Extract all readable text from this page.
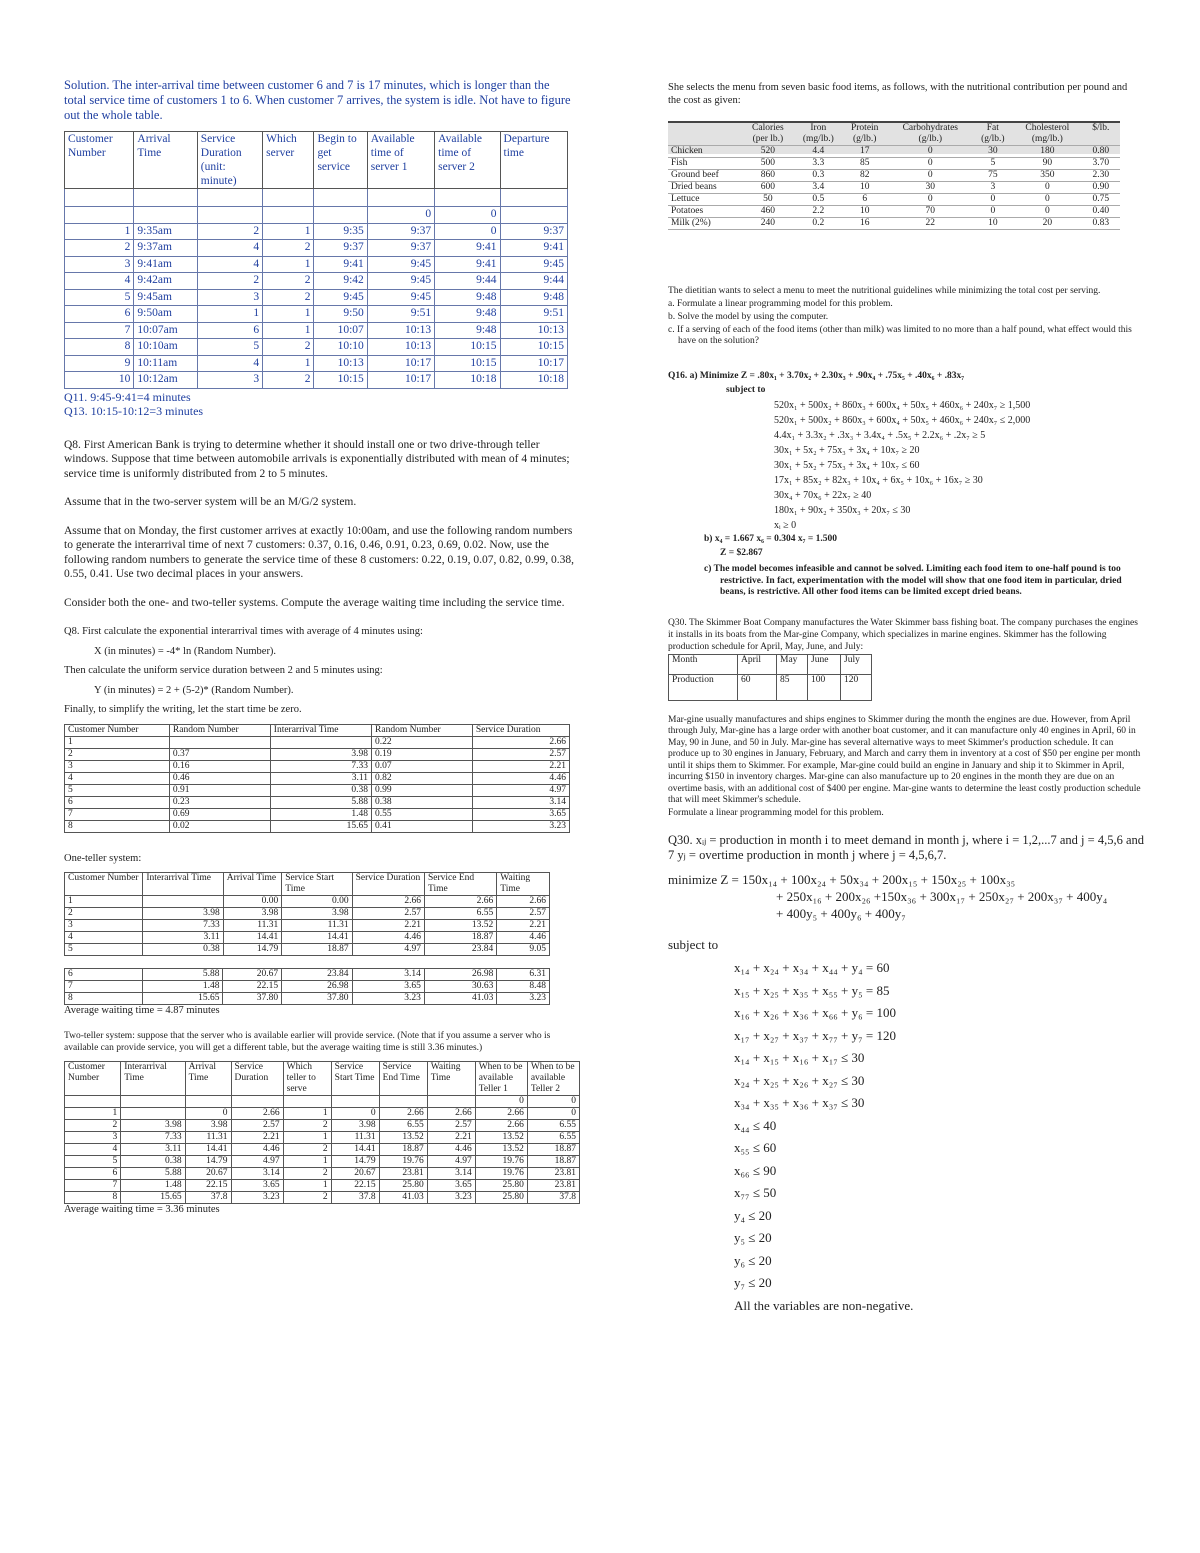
Solution. The inter-arrival time between customer 6 and 7 is 17 minutes, which is longer than the total service time of customers 1 to 6. When customer 7 arrives, the system is idle. Not have to figure out the whole table.

Customer Number	Arrival Time	Service Duration (unit: minute)	Which server	Begin to get service	Available time of server 1	Available time of server 2	Departure time

					0	0	
1	9:35am	2	1	9:35	9:37	0	9:37
2	9:37am	4	2	9:37	9:37	9:41	9:41
3	9:41am	4	1	9:41	9:45	9:41	9:45
4	9:42am	2	2	9:42	9:45	9:44	9:44
5	9:45am	3	2	9:45	9:45	9:48	9:48
6	9:50am	1	1	9:50	9:51	9:48	9:51
7	10:07am	6	1	10:07	10:13	9:48	10:13
8	10:10am	5	2	10:10	10:13	10:15	10:15
9	10:11am	4	1	10:13	10:17	10:15	10:17
10	10:12am	3	2	10:15	10:17	10:18	10:18

Q11. 9:45-9:41=4 minutes

Q13. 10:15-10:12=3 minutes

Q8. First American Bank is trying to determine whether it should install one or two drive-through teller windows. Suppose that time between automobile arrivals is exponentially distributed with mean of 4 minutes; service time is uniformly distributed from 2 to 5 minutes.

Assume that in the two-server system will be an M/G/2 system.

Assume that on Monday, the first customer arrives at exactly 10:00am, and use the following random numbers to generate the interarrival time of next 7 customers: 0.37, 0.16, 0.46, 0.91, 0.23, 0.69, 0.02. Now, use the following random numbers to generate the service time of these 8 customers: 0.22, 0.19, 0.07, 0.82, 0.99, 0.38, 0.55, 0.41. Use two decimal places in your answers.

Consider both the one- and two-teller systems. Compute the average waiting time including the service time.

Q8. First calculate the exponential interarrival times with average of 4 minutes using:

X (in minutes) = -4* ln (Random Number).

Then calculate the uniform service duration between 2 and 5 minutes using:

Y (in minutes) = 2 + (5-2)* (Random Number).

Finally, to simplify the writing, let the start time be zero.

Customer Number	Random Number	Interarrival Time	Random Number	Service Duration
1			0.22	2.66
2	0.37	3.98	0.19	2.57
3	0.16	7.33	0.07	2.21
4	0.46	3.11	0.82	4.46
5	0.91	0.38	0.99	4.97
6	0.23	5.88	0.38	3.14
7	0.69	1.48	0.55	3.65
8	0.02	15.65	0.41	3.23

One-teller system:

Customer Number	Interarrival Time	Arrival Time	Service Start Time	Service Duration	Service End Time	Waiting Time
1		0.00	0.00	2.66	2.66	2.66
2	3.98	3.98	3.98	2.57	6.55	2.57
3	7.33	11.31	11.31	2.21	13.52	2.21
4	3.11	14.41	14.41	4.46	18.87	4.46
5	0.38	14.79	18.87	4.97	23.84	9.05
6	5.88	20.67	23.84	3.14	26.98	6.31
7	1.48	22.15	26.98	3.65	30.63	8.48
8	15.65	37.80	37.80	3.23	41.03	3.23

Average waiting time = 4.87 minutes

Two-teller system: suppose that the server who is available earlier will provide service. (Note that if you assume a server who is available can provide service, you will get a different table, but the average waiting time is still 3.36 minutes.)

Customer Number	Interarrival Time	Arrival Time	Service Duration	Which teller to serve	Service Start Time	Service End Time	Waiting Time	When to be available Teller 1	When to be available Teller 2
								0	0
1		0	2.66	1	0	2.66	2.66	2.66	0
2	3.98	3.98	2.57	2	3.98	6.55	2.57	2.66	6.55
3	7.33	11.31	2.21	1	11.31	13.52	2.21	13.52	6.55
4	3.11	14.41	4.46	2	14.41	18.87	4.46	13.52	18.87
5	0.38	14.79	4.97	1	14.79	19.76	4.97	19.76	18.87
6	5.88	20.67	3.14	2	20.67	23.81	3.14	19.76	23.81
7	1.48	22.15	3.65	1	22.15	25.80	3.65	25.80	23.81
8	15.65	37.8	3.23	2	37.8	41.03	3.23	25.80	37.8

Average waiting time = 3.36 minutes

She selects the menu from seven basic food items, as follows, with the nutritional contribution per pound and the cost as given:

	Calories (per lb.)	Iron (mg/lb.)	Protein (g/lb.)	Carbohydrates (g/lb.)	Fat (g/lb.)	Cholesterol (mg/lb.)	$/lb.
Chicken	520	4.4	17	0	30	180	0.80
Fish	500	3.3	85	0	5	90	3.70
Ground beef	860	0.3	82	0	75	350	2.30
Dried beans	600	3.4	10	30	3	0	0.90
Lettuce	50	0.5	6	0	0	0	0.75
Potatoes	460	2.2	10	70	0	0	0.40
Milk (2%)	240	0.2	16	22	10	20	0.83

The dietitian wants to select a menu to meet the nutritional guidelines while minimizing the total cost per serving.

a. Formulate a linear programming model for this problem.

b. Solve the model by using the computer.

c. If a serving of each of the food items (other than milk) was limited to no more than a half pound, what effect would this have on the solution?

Q16. a) Minimize Z = .80x₁ + 3.70x₂ + 2.30x₃ + .90x₄ + .75x₅ + .40x₆ + .83x₇

subject to

520x₁ + 500x₂ + 860x₃ + 600x₄ + 50x₅ + 460x₆ + 240x₇ ≥ 1,500

520x₁ + 500x₂ + 860x₃ + 600x₄ + 50x₅ + 460x₆ + 240x₇ ≤ 2,000

4.4x₁ + 3.3x₂ + .3x₃ + 3.4x₄ + .5x₅ + 2.2x₆ + .2x₇ ≥ 5

30x₁ + 5x₂ + 75x₃ + 3x₄ + 10x₇ ≥ 20

30x₁ + 5x₂ + 75x₃ + 3x₄ + 10x₇ ≤ 60

17x₁ + 85x₂ + 82x₃ + 10x₄ + 6x₅ + 10x₆ + 16x₇ ≥ 30

30x₄ + 70x₆ + 22x₇ ≥ 40

180x₁ + 90x₂ + 350x₃ + 20x₇ ≤ 30

xᵢ ≥ 0

b) x₄ = 1.667 x₆ = 0.304 x₇ = 1.500

Z = $2.867

c) The model becomes infeasible and cannot be solved. Limiting each food item to one-half pound is too restrictive. In fact, experimentation with the model will show that one food item in particular, dried beans, is restrictive. All other food items can be limited except dried beans.

Q30. The Skimmer Boat Company manufactures the Water Skimmer bass fishing boat. The company purchases the engines it installs in its boats from the Mar-gine Company, which specializes in marine engines. Skimmer has the following production schedule for April, May, June, and July:

Month	April	May	June	July
Production	60	85	100	120

Mar-gine usually manufactures and ships engines to Skimmer during the month the engines are due. However, from April through July, Mar-gine has a large order with another boat customer, and it can manufacture only 40 engines in April, 60 in May, 90 in June, and 50 in July. Mar-gine has several alternative ways to meet Skimmer's production schedule. It can produce up to 30 engines in January, February, and March and carry them in inventory at a cost of $50 per engine per month until it ships them to Skimmer. For example, Mar-gine could build an engine in January and ship it to Skimmer in April, incurring $150 in inventory charges. Mar-gine can also manufacture up to 20 engines in the month they are due on an overtime basis, with an additional cost of $400 per engine. Mar-gine wants to determine the least costly production schedule that will meet Skimmer's schedule.

Formulate a linear programming model for this problem.

Q30. xᵢⱼ = production in month i to meet demand in month j, where i = 1,2,...7 and j = 4,5,6 and 7 yⱼ = overtime production in month j where j = 4,5,6,7.

minimize Z = 150x₁₄ + 100x₂₄ + 50x₃₄ + 200x₁₅ + 150x₂₅ + 100x₃₅

+ 250x₁₆ + 200x₂₆ +150x₃₆ + 300x₁₇ + 250x₂₇ + 200x₃₇ + 400y₄

+ 400y₅ + 400y₆ + 400y₇

subject to

x₁₄ + x₂₄ + x₃₄ + x₄₄ + y₄ = 60

x₁₅ + x₂₅ + x₃₅ + x₅₅ + y₅ = 85

x₁₆ + x₂₆ + x₃₆ + x₆₆ + y₆ = 100

x₁₇ + x₂₇ + x₃₇ + x₇₇ + y₇ = 120

x₁₄ + x₁₅ + x₁₆ + x₁₇ ≤ 30

x₂₄ + x₂₅ + x₂₆ + x₂₇ ≤ 30

x₃₄ + x₃₅ + x₃₆ + x₃₇ ≤ 30

x₄₄ ≤ 40

x₅₅ ≤ 60

x₆₆ ≤ 90

x₇₇ ≤ 50

y₄ ≤ 20

y₅ ≤ 20

y₆ ≤ 20

y₇ ≤ 20

All the variables are non-negative.
